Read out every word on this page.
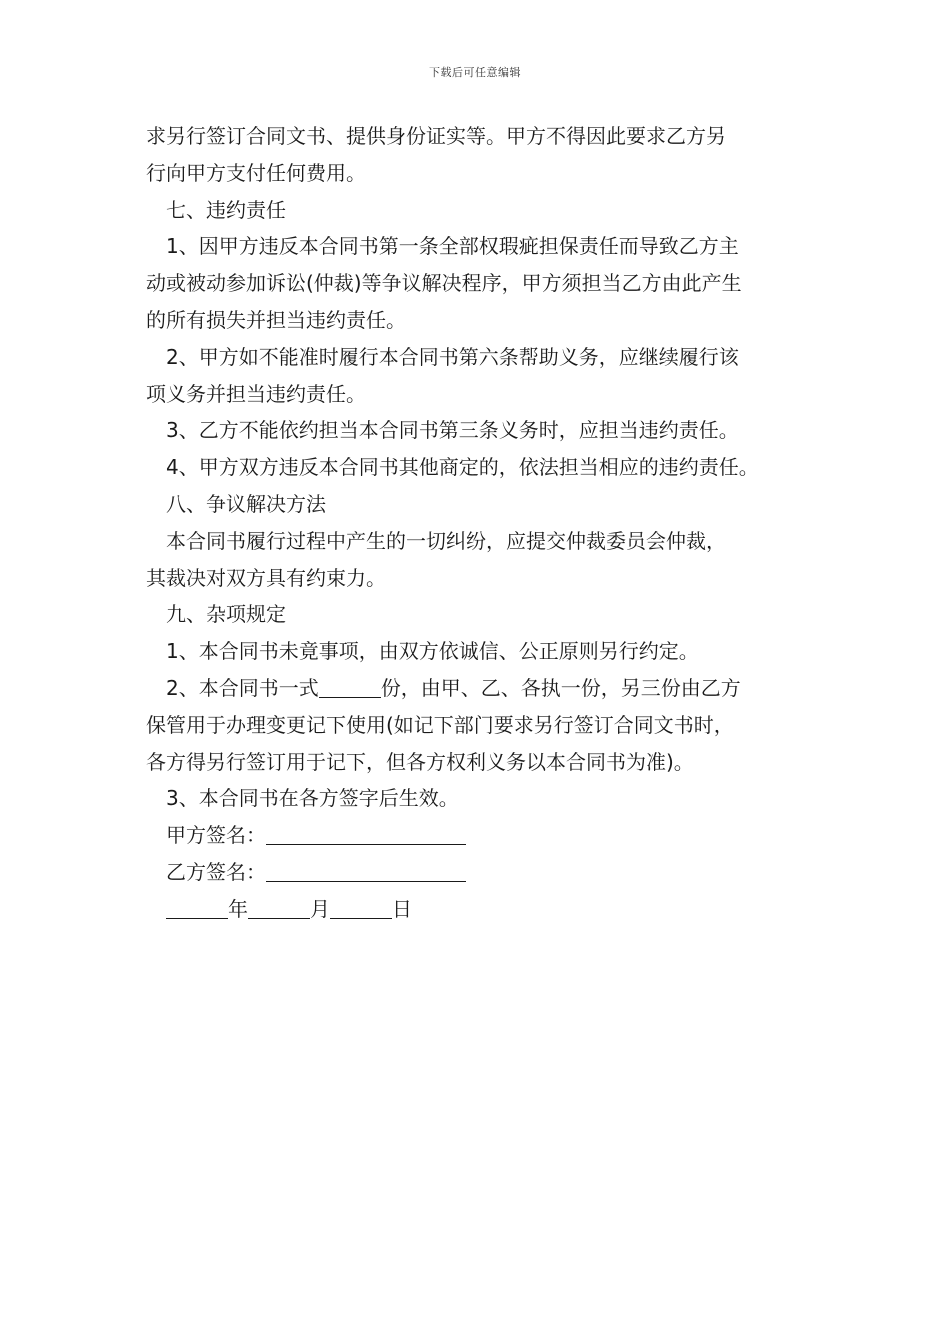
下载后可任意编辑
求另行签订合同文书、提供身份证实等。甲方不得因此要求乙方另
行向甲方支付任何费用。
七、违约责任
1、因甲方违反本合同书第一条全部权瑕疵担保责任而导致乙方主
动或被动参加诉讼(仲裁)等争议解决程序，甲方须担当乙方由此产生
的所有损失并担当违约责任。
2、甲方如不能准时履行本合同书第六条帮助义务，应继续履行该
项义务并担当违约责任。
3、乙方不能依约担当本合同书第三条义务时，应担当违约责任。
4、甲方双方违反本合同书其他商定的，依法担当相应的违约责任。
八、争议解决方法
本合同书履行过程中产生的一切纠纷，应提交仲裁委员会仲裁，
其裁决对双方具有约束力。
九、杂项规定
1、本合同书未竟事项，由双方依诚信、公正原则另行约定。
2、本合同书一式	份，由甲、乙、各执一份，另三份由乙方
保管用于办理变更记下使用(如记下部门要求另行签订合同文书时，
各方得另行签订用于记下，但各方权利义务以本合同书为准)。
3、本合同书在各方签字后生效。
甲方签名：
乙方签名：
年	月	日
